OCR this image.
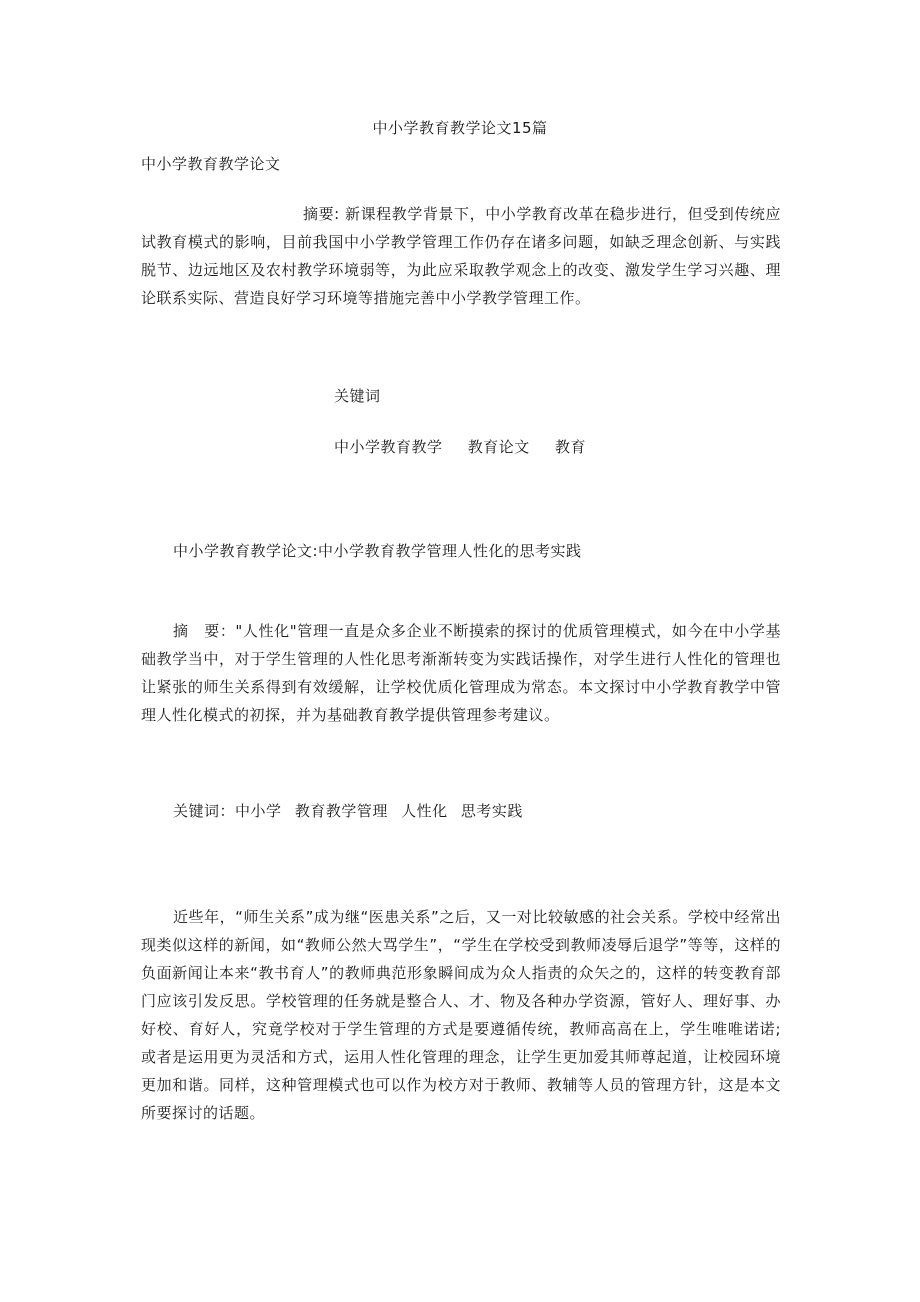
中小学教育教学论文15篇

中小学教育教学论文

摘要: 新课程教学背景下，中小学教育改革在稳步进行，但受到传统应试教育模式的影响，目前我国中小学教学管理工作仍存在诸多问题，如缺乏理念创新、与实践脱节、边远地区及农村教学环境弱等，为此应采取教学观念上的改变、激发学生学习兴趣、理论联系实际、营造良好学习环境等措施完善中小学教学管理工作。

关键词

中小学教育教学 教育论文 教育

中小学教育教学论文:中小学教育教学管理人性化的思考实践

摘　要："人性化"管理一直是众多企业不断摸索的探讨的优质管理模式，如今在中小学基础教学当中，对于学生管理的人性化思考渐渐转变为实践话操作，对学生进行人性化的管理也让紧张的师生关系得到有效缓解，让学校优质化管理成为常态。本文探讨中小学教育教学中管理人性化模式的初探，并为基础教育教学提供管理参考建议。

关键词：中小学 教育教学管理 人性化 思考实践

近些年，“师生关系”成为继“医患关系”之后，又一对比较敏感的社会关系。学校中经常出现类似这样的新闻，如“教师公然大骂学生”，“学生在学校受到教师凌辱后退学”等等，这样的负面新闻让本来“教书育人”的教师典范形象瞬间成为众人指责的众矢之的，这样的转变教育部门应该引发反思。学校管理的任务就是整合人、才、物及各种办学资源，管好人、理好事、办好校、育好人，究竟学校对于学生管理的方式是要遵循传统，教师高高在上，学生唯唯诺诺; 或者是运用更为灵活和方式，运用人性化管理的理念，让学生更加爱其师尊起道，让校园环境更加和谐。同样，这种管理模式也可以作为校方对于教师、教辅等人员的管理方针，这是本文所要探讨的话题。
